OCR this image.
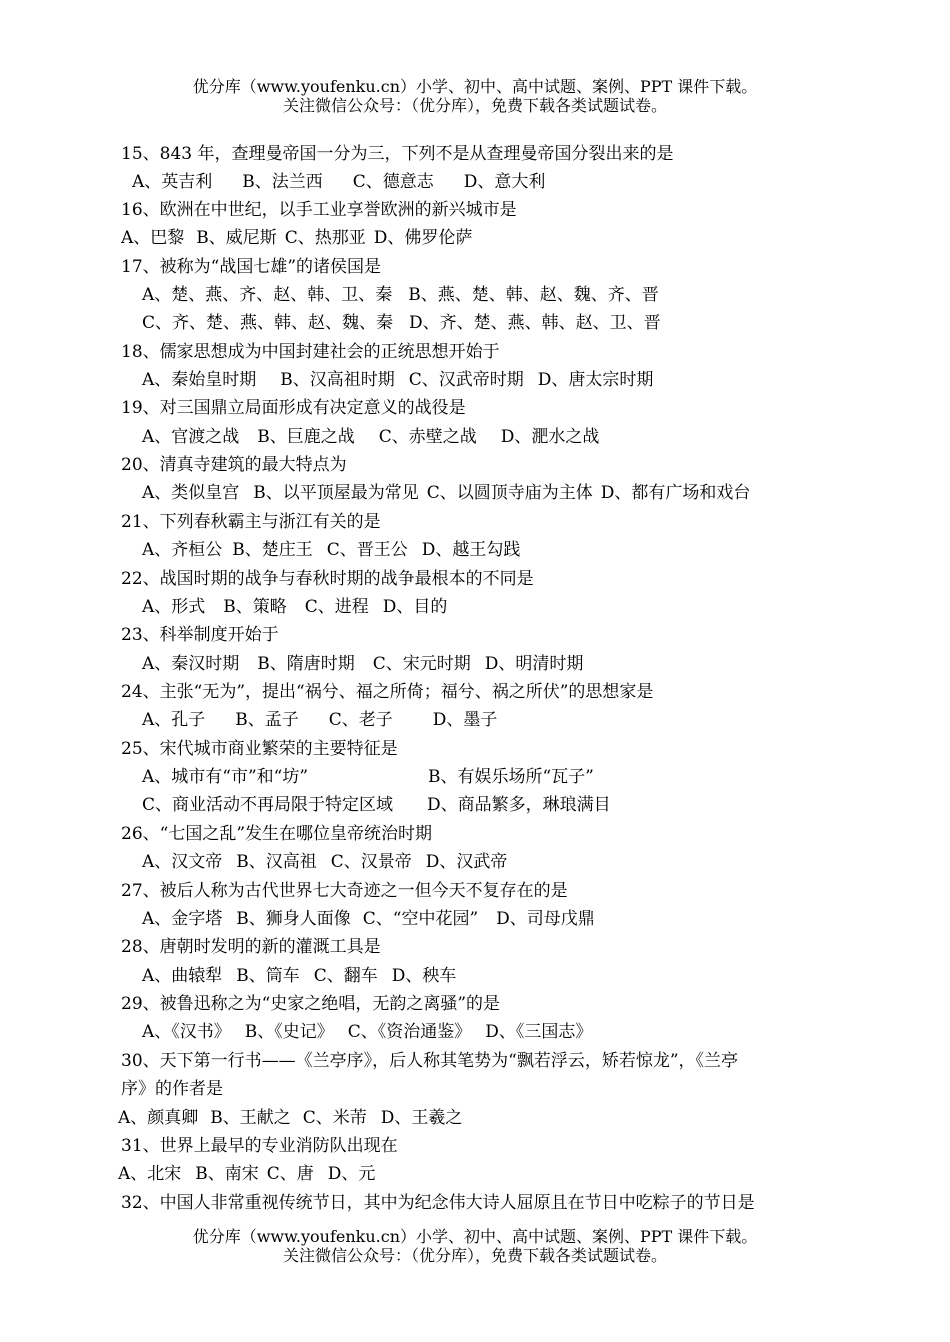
优分库（www.youfenku.cn）小学、初中、高中试题、案例、PPT 课件下载。
关注微信公众号：（优分库），免费下载各类试题试卷。
15、843 年，查理曼帝国一分为三，下列不是从查理曼帝国分裂出来的是
A、英吉利 B、法兰西 C、德意志 D、意大利
16、欧洲在中世纪，以手工业享誉欧洲的新兴城市是
A、巴黎 B、威尼斯 C、热那亚 D、佛罗伦萨
17、被称为“战国七雄”的诸侯国是
A、楚、燕、齐、赵、韩、卫、秦 B、燕、楚、韩、赵、魏、齐、晋
C、齐、楚、燕、韩、赵、魏、秦 D、齐、楚、燕、韩、赵、卫、晋
18、儒家思想成为中国封建社会的正统思想开始于
A、秦始皇时期 B、汉高祖时期 C、汉武帝时期 D、唐太宗时期
19、对三国鼎立局面形成有决定意义的战役是
A、官渡之战 B、巨鹿之战 C、赤壁之战 D、淝水之战
20、清真寺建筑的最大特点为
A、类似皇宫 B、以平顶屋最为常见 C、以圆顶寺庙为主体 D、都有广场和戏台
21、下列春秋霸主与浙江有关的是
A、齐桓公 B、楚庄王 C、晋王公 D、越王勾践
22、战国时期的战争与春秋时期的战争最根本的不同是
A、形式 B、策略 C、进程 D、目的
23、科举制度开始于
A、秦汉时期 B、隋唐时期 C、宋元时期 D、明清时期
24、主张“无为”，提出“祸兮、福之所倚；福兮、祸之所伏”的思想家是
A、孔子 B、孟子 C、老子 D、墨子
25、宋代城市商业繁荣的主要特征是
A、城市有“市”和“坊”	B、有娱乐场所“瓦子”
C、商业活动不再局限于特定区域 D、商品繁多，琳琅满目
26、“七国之乱”发生在哪位皇帝统治时期
A、汉文帝 B、汉高祖 C、汉景帝 D、汉武帝
27、被后人称为古代世界七大奇迹之一但今天不复存在的是
A、金字塔 B、狮身人面像 C、“空中花园” D、司母戊鼎
28、唐朝时发明的新的灌溉工具是
A、曲辕犁 B、筒车 C、翻车 D、秧车
29、被鲁迅称之为“史家之绝唱，无韵之离骚”的是
A、《汉书》 B、《史记》 C、《资治通鉴》 D、《三国志》
30、天下第一行书——《兰亭序》，后人称其笔势为“飘若浮云，矫若惊龙”，《兰亭
序》的作者是
A、颜真卿 B、王献之 C、米芾 D、王羲之
31、世界上最早的专业消防队出现在
A、北宋 B、南宋 C、唐 D、元
32、中国人非常重视传统节日，其中为纪念伟大诗人屈原且在节日中吃粽子的节日是
优分库（www.youfenku.cn）小学、初中、高中试题、案例、PPT 课件下载。
关注微信公众号：（优分库），免费下载各类试题试卷。
